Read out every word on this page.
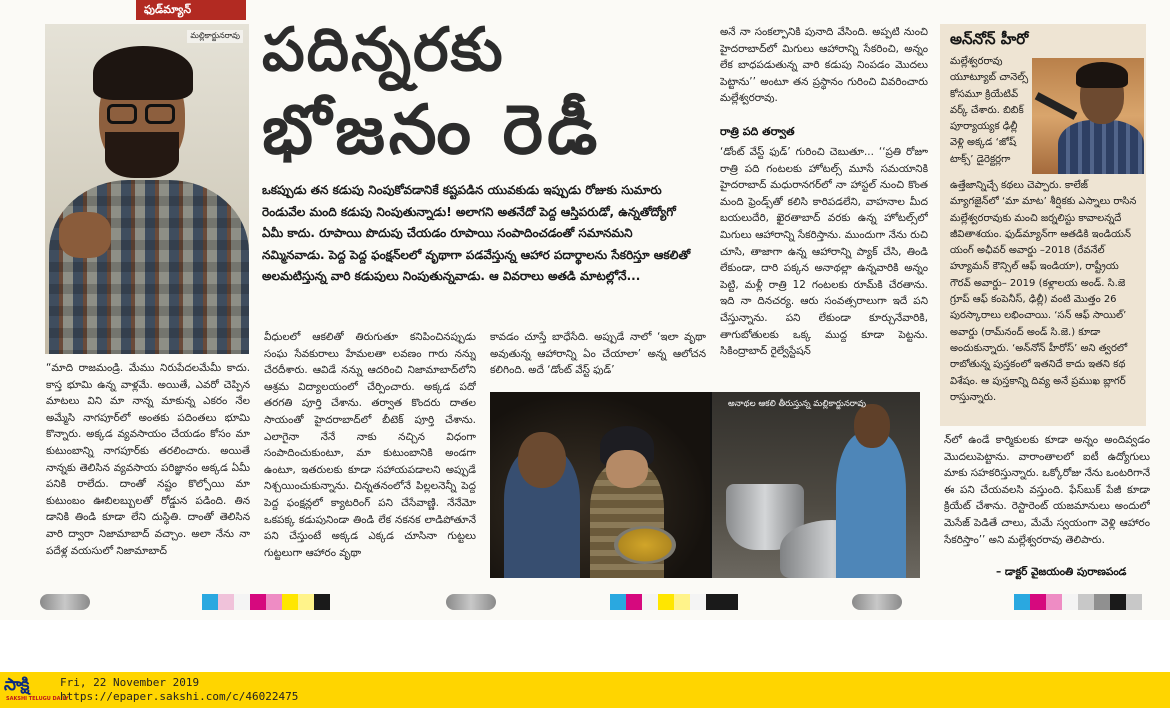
ఫుడ్‌మ్యాన్
మల్లికార్జునరావు పదిన్నరకు
భోజనం రెడీ

ఒకప్పుడు తన కడుపు నింపుకోవడానికే కష్టపడిన యువకుడు ఇప్పుడు రోజుకు సుమారు రెండువేల మంది కడుపు నింపుతున్నాడు! అలాగని అతనేదో పెద్ద ఆస్తిపరుడో, ఉన్నతోద్యోగో ఏమీ కాదు. రూపాయి పొదుపు చేయడం రూపాయి సంపాదించడంతో సమానమని నమ్మినవాడు. పెద్ద పెద్ద ఫంక్షన్‌లలో వృథాగా పడవేస్తున్న ఆహార పదార్థాలను సేకరిస్తూ ఆకలితో అలమటిస్తున్న వారి కడుపులు నింపుతున్నవాడు. ఆ వివరాలు అతడి మాటల్లోనే...

“మాది రాజమండ్రి. మేము నిరుపేదలమేమీ కాదు. కాస్త భూమి ఉన్న వాళ్లమే. అయితే, ఎవరో చెప్పిన మాటలు విని మా నాన్న మాకున్న ఎకరం నేల అమ్మేసి నాగపూర్‌లో అంతకు పదింతలు భూమి కొన్నారు. అక్కడ వ్యవసాయం చేయడం కోసం మా కుటుంబాన్ని నాగపూర్‌కు తరలించారు. అయితే నాన్నకు తెలిసిన వ్యవసాయ పరిజ్ఞానం అక్కడ ఏమీ పనికి రాలేదు. దాంతో నష్టం కొల్పోయి మా కుటుంబం ఊబిలబ్బులతో రోడ్డున పడింది. తిన డానికి తిండి కూడా లేని దుస్థితి. దాంతో తెలిసిన వారి ద్వారా నిజామాబాద్ వచ్చాం. అలా నేను నా పదేళ్ల వయసులో నిజామాబాద్
వీధులలో ఆకలితో తిరుగుతూ కనిపించినప్పుడు సంఘ సేవకురాలు హేమలతా లవణం గారు నన్ను చేరదీశారు. ఆవిడే నన్ను ఆదరించి నిజామాబాద్‌లోని ఆశ్రమ విద్యాలయంలో చేర్పించారు. అక్కడ పదో తరగతి పూర్తి చేశాను. తర్వాత కొందరు దాతల సాయంతో హైదరాబాద్‌లో బీటెక్ పూర్తి చేశాను. ఎలాగైనా నేనే నాకు నచ్చిన విధంగా సంపాదించుకుంటూ, మా కుటుంబానికి అండగా ఉంటూ, ఇతరులకు కూడా సహాయపడాలని అప్పుడే నిశ్చయించుకున్నాను. చిన్నతనంలోనే పిల్లలనెన్నీ పెద్ద పెద్ద ఫంక్షన్లలో క్యాటరింగ్ పని చేసేవాణ్ణి. నేనేమో ఒకపక్క కడుపునిండా తిండి లేక నకనక లాడిపోతూనే పని చేస్తుంటే అక్కడ ఎక్కడ చూసినా గుట్టలు గుట్టలుగా ఆహారం వృథా
కావడం చూస్తే బాధేసేది. అప్పుడే నాలో ‘ఇలా వృథా అవుతున్న ఆహారాన్ని ఏం చేయాలా’ అన్న ఆలోచన కలిగింది. అదే ‘డోంట్ వేస్ట్ ఫుడ్’
అనే నా సంకల్పానికి పునాది వేసింది. అప్పటి నుంచి హైదరాబాద్‌లో మిగులు ఆహారాన్ని సేకరించి, అన్నం లేక బాధపడుతున్న వారి కడుపు నింపడం మొదలు పెట్టాను’’ అంటూ తన ప్రస్థానం గురించి వివరించారు మల్లేశ్వరరావు.
రాత్రి పది తర్వాత
‘డోంట్ వేస్ట్ ఫుడ్’ గురించి చెబుతూ... ‘‘ప్రతి రోజూ రాత్రి పది గంటలకు హోటల్స్ మూసే సమయానికి హైదరాబాద్ మధురానగర్‌లో నా హాస్టల్ నుంచి కొంత మంది ఫ్రెండ్స్‌తో కలిసి కారిపడలేని, వాహనాల మీద బయలుదేరి, ఖైరతాబాద్ వరకు ఉన్న హోటల్స్‌లో మిగులు ఆహారాన్ని సేకరిస్తాను. ముందుగా నేను రుచి చూసి, తాజాగా ఉన్న ఆహారాన్ని ప్యాక్ చేసి, తిండి లేకుండా, దారి పక్కన అనాథల్లా ఉన్నవారికి అన్నం పెట్టి, మళ్లీ రాత్రి 12 గంటలకు రూమ్‌కి చేరతాను. ఇది నా దినచర్య. ఆరు సంవత్సరాలుగా ఇదే పని చేస్తున్నాను. పని లేకుండా కూర్చునేవారికి, తాగుబోతులకు ఒక్క ముద్ద కూడా పెట్టను. సికింద్రాబాద్ రైల్వేస్టేషన్
అనాథల ఆకలి తీరుస్తున్న మల్లికార్జునరావు
అన్‌నోన్ హీరో
మల్లేశ్వరరావు యూట్యూబ్ చానెల్స్ కోసమూ క్రియేటివ్ వర్క్ చేశారు. బిబిక్ పూర్యాయ్యక ఢిల్లీ వెళ్లి అక్కడ ‘జోష్ టాక్స్’ డైరెక్టర్లగా
ఉత్తేజాన్నిచ్చే కథలు చెప్పారు. కాలేజ్ మ్యాగజైన్‌లో ‘మా మాట’ శీర్షికకు ఎస్నాలు రాసిన మల్లేశ్వరరావుకు మంచి జర్నలిస్టు కావాలన్నదే జీవితాశయం. ఫుడ్‌మ్యాన్‌గా ఆతడికి ఇండియన్ యంగ్ అఛీవర్ అవార్డు –2018 (రేవనేల్ హ్యూమన్ కౌన్సిల్ ఆఫ్ ఇండియా), రాష్ట్రీయ గౌరవ్ అవార్డు– 2019 (కళ్లాలయ అండ్. సి.జె గ్రూప్ ఆఫ్ కంపెనీస్, ఢిల్లీ) వంటి మొత్తం 26 పురస్కారాలు లభించాయి. ‘సన్ ఆఫ్ సాయిల్’ అవార్డు (రామ్‌నంద్ అండ్ సి.జె.) కూడా అందుకున్నారు. ‘అన్‌నోన్ హీరోస్’ అని త్వరలో రాబోతున్న పుస్తకంలో ఇతనిదే కాదు ఇతని కథ విశేషం. ఆ పుస్తకాన్ని దివ్య అనే ప్రముఖ బ్లాగర్ రాస్తున్నారు.
న్‌లో ఉండే కార్మికులకు కూడా అన్నం అందివ్వడం మొదలుపెట్టాను. వారాంతాలలో ఐటీ ఉద్యోగులు మాకు సహకరిస్తున్నారు. ఒక్కోరోజు నేను ఒంటరిగానే ఈ పని చేయవలసి వస్తుంది. ఫేస్‌బుక్ పేజీ కూడా క్రియేట్ చేశాను. రెస్టారెంట్ యజమానులు అందులో మెసేజ్ పెడితే చాలు, మేమే స్వయంగా వెళ్లి ఆహారం సేకరిస్తాం’’ అని మల్లేశ్వరరావు తెలిపారు.
– డాక్టర్ వైజయంతి పురాణపండ
సాక్షి
SAKSHI TELUGU DAILY
Fri, 22 November 2019
https://epaper.sakshi.com/c/46022475
